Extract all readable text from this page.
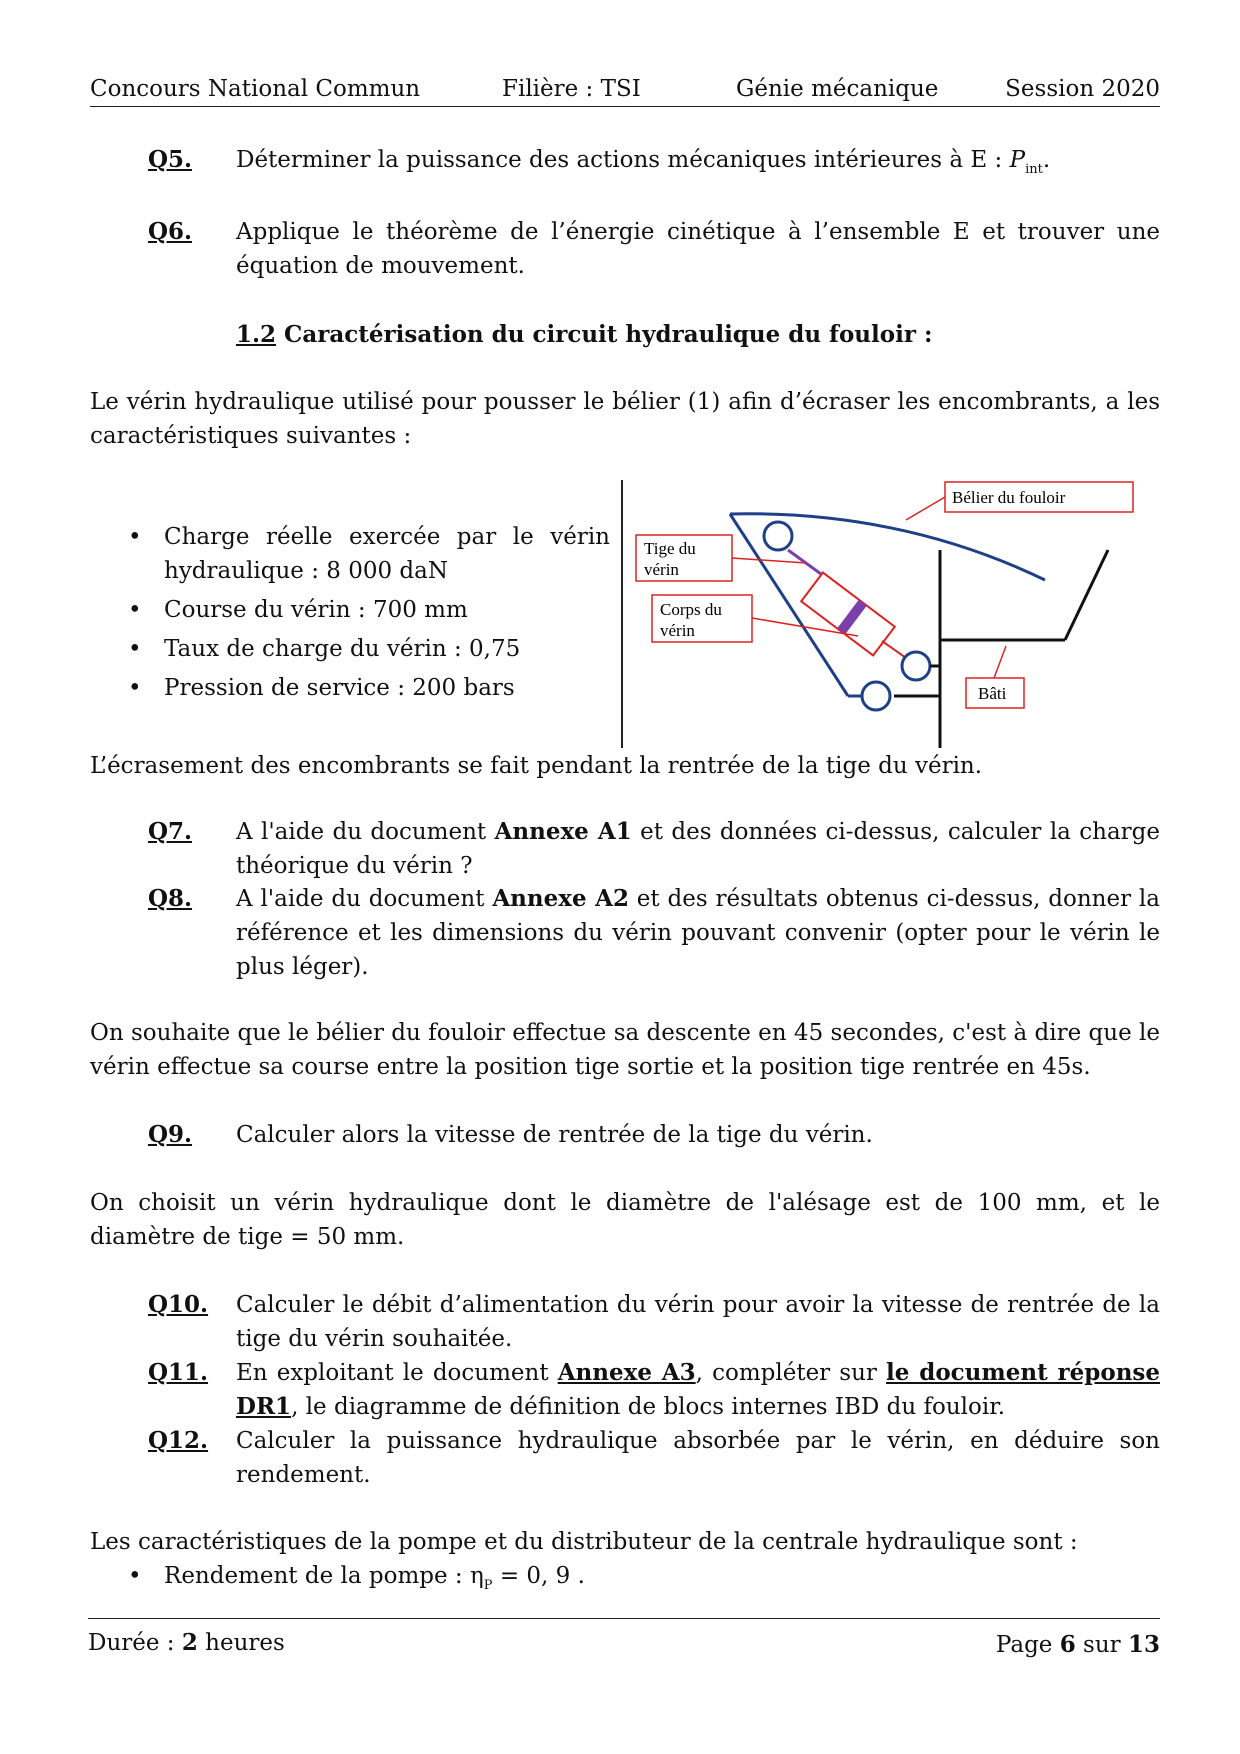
Concours National Commun	Filière : TSI	Génie mécanique	Session 2020
Q5. Déterminer la puissance des actions mécaniques intérieures à E : $P_{int}$.
Q6. Applique le théorème de l’énergie cinétique à l’ensemble E et trouver une équation de mouvement.
1.2 Caractérisation du circuit hydraulique du fouloir :
Le vérin hydraulique utilisé pour pousser le bélier (1) afin d’écraser les encombrants, a les caractéristiques suivantes :
• Charge réelle exercée par le vérin hydraulique : 8 000 daN
• Course du vérin : 700 mm
• Taux de charge du vérin : 0,75
• Pression de service : 200 bars
Bélier du fouloir
Tige du
vérin
Corps du
vérin
Bâti
L’écrasement des encombrants se fait pendant la rentrée de la tige du vérin.
Q7. A l'aide du document Annexe A1 et des données ci-dessus, calculer la charge théorique du vérin ?
Q8. A l'aide du document Annexe A2 et des résultats obtenus ci-dessus, donner la référence et les dimensions du vérin pouvant convenir (opter pour le vérin le plus léger).
On souhaite que le bélier du fouloir effectue sa descente en 45 secondes, c'est à dire que le vérin effectue sa course entre la position tige sortie et la position tige rentrée en 45s.
Q9. Calculer alors la vitesse de rentrée de la tige du vérin.
On choisit un vérin hydraulique dont le diamètre de l'alésage est de 100 mm, et le diamètre de tige = 50 mm.
Q10. Calculer le débit d’alimentation du vérin pour avoir la vitesse de rentrée de la tige du vérin souhaitée.
Q11. En exploitant le document Annexe A3, compléter sur le document réponse DR1, le diagramme de définition de blocs internes IBD du fouloir.
Q12. Calculer la puissance hydraulique absorbée par le vérin, en déduire son rendement.
Les caractéristiques de la pompe et du distributeur de la centrale hydraulique sont :
• Rendement de la pompe : $\eta_P = 0$, 9 .
Durée : 2 heures	Page 6 sur 13
